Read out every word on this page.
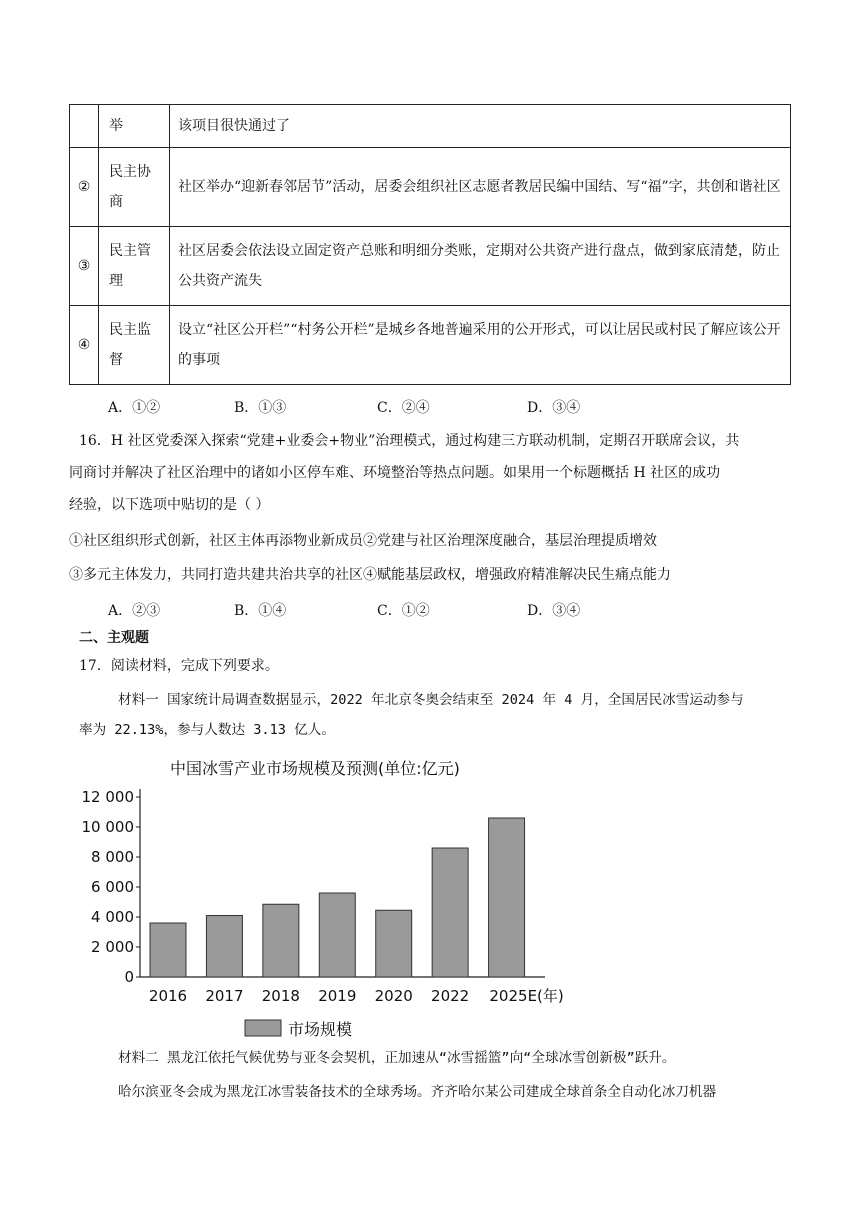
	举	该项目很快通过了
②	民主协商	社区举办“迎新春邻居节”活动，居委会组织社区志愿者教居民编中国结、写“福”字，共创和谐社区
③	民主管理	社区居委会依法设立固定资产总账和明细分类账，定期对公共资产进行盘点，做到家底清楚，防止公共资产流失
④	民主监督	设立“社区公开栏”“村务公开栏”是城乡各地普遍采用的公开形式，可以让居民或村民了解应该公开的事项
A．①②	B．①③	C．②④	D．③④
16．H 社区党委深入探索“党建+业委会+物业”治理模式，通过构建三方联动机制，定期召开联席会议，共
同商讨并解决了社区治理中的诸如小区停车难、环境整治等热点问题。如果用一个标题概括 H 社区的成功
经验，以下选项中贴切的是（ ）
①社区组织形式创新，社区主体再添物业新成员②党建与社区治理深度融合，基层治理提质增效
③多元主体发力，共同打造共建共治共享的社区④赋能基层政权，增强政府精准解决民生痛点能力
A．②③	B．①④	C．①②	D．③④
二、主观题
17．阅读材料，完成下列要求。
材料一 国家统计局调查数据显示，2022 年北京冬奥会结束至 2024 年 4 月，全国居民冰雪运动参与
率为 22.13%，参与人数达 3.13 亿人。
中国冰雪产业市场规模及预测(单位:亿元)
0
2 000
4 000
6 000
8 000
10 000
12 000
2016 2017 2018 2019 2020 2022 2025E(年)
市场规模
材料二 黑龙江依托气候优势与亚冬会契机，正加速从“冰雪摇篮”向“全球冰雪创新极”跃升。
哈尔滨亚冬会成为黑龙江冰雪装备技术的全球秀场。齐齐哈尔某公司建成全球首条全自动化冰刀机器
